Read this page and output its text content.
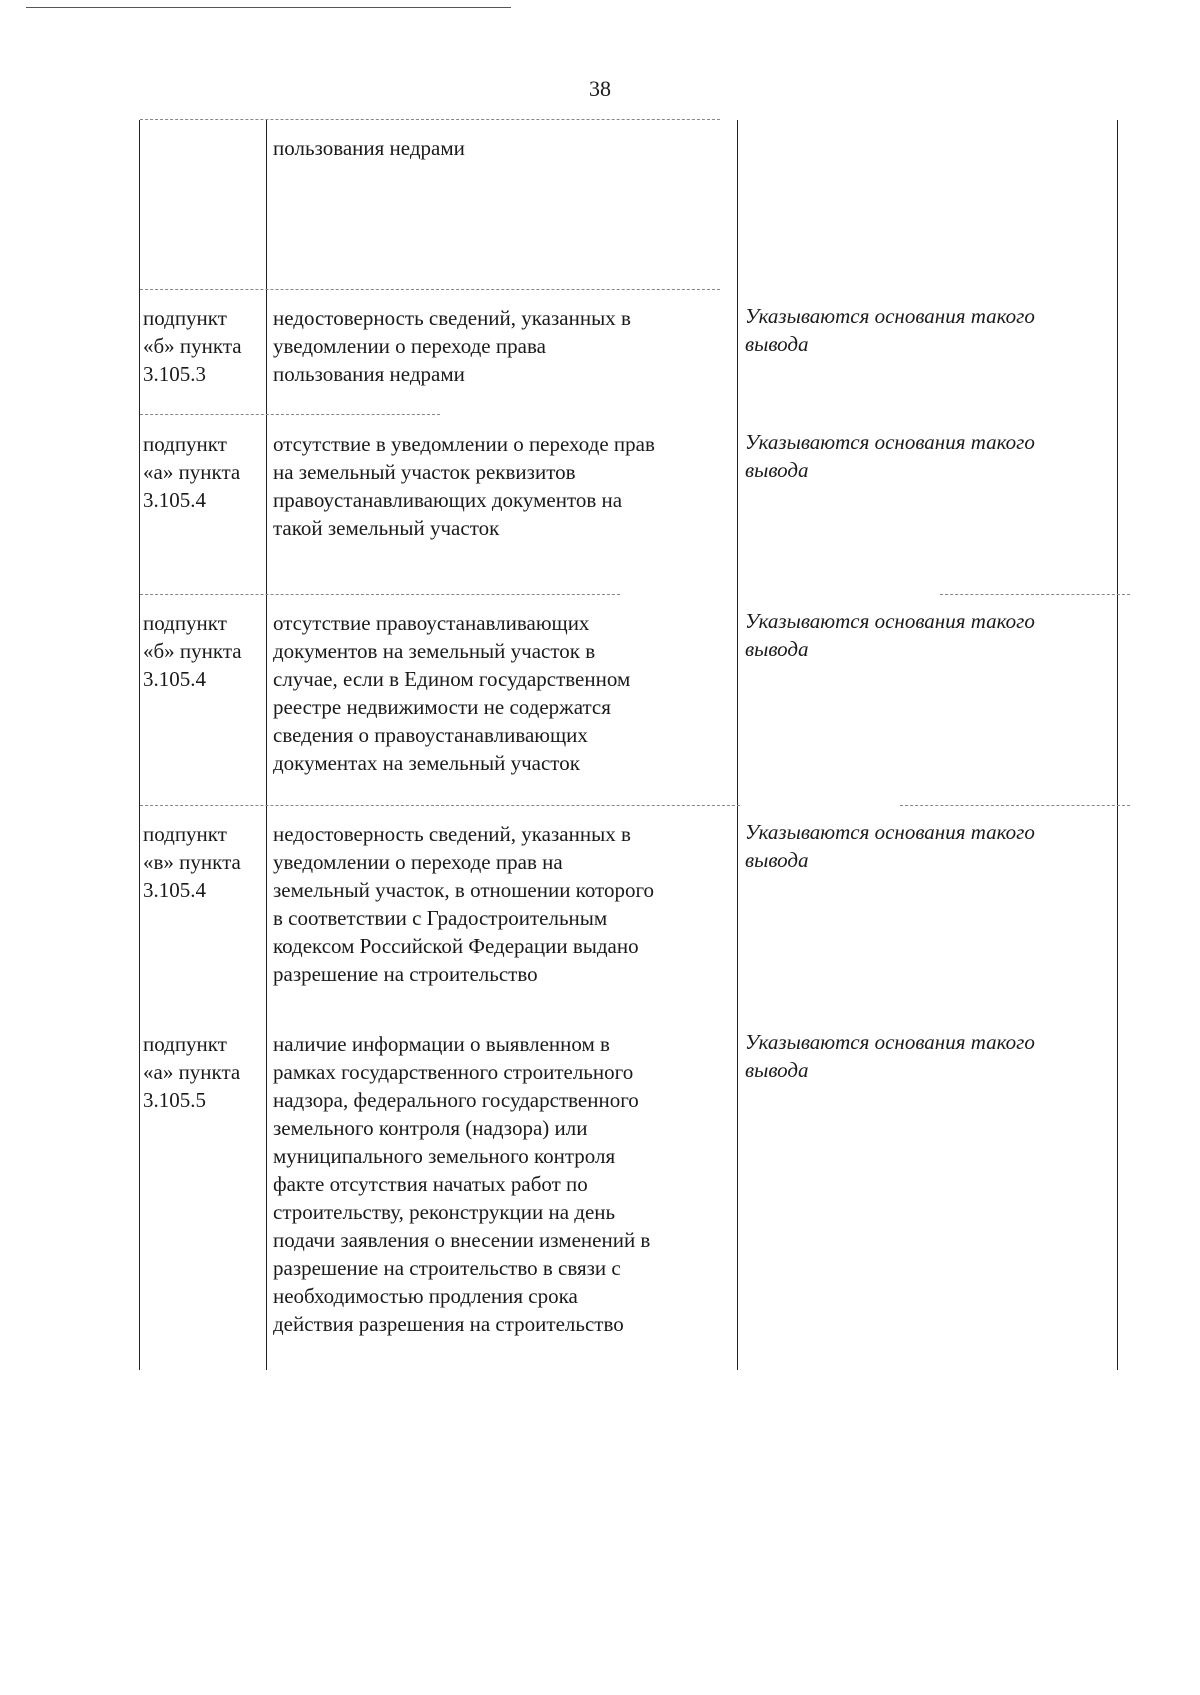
38
пользования недрами
подпункт
«б» пункта
3.105.3
недостоверность сведений, указанных в
уведомлении о переходе права
пользования недрами
Указываются основания такого
вывода
подпункт
«а» пункта
3.105.4
отсутствие в уведомлении о переходе прав
на земельный участок реквизитов
правоустанавливающих документов на
такой земельный участок
Указываются основания такого
вывода
подпункт
«б» пункта
3.105.4
отсутствие правоустанавливающих
документов на земельный участок в
случае, если в Едином государственном
реестре недвижимости не содержатся
сведения о правоустанавливающих
документах на земельный участок
Указываются основания такого
вывода
подпункт
«в» пункта
3.105.4
недостоверность сведений, указанных в
уведомлении о переходе прав на
земельный участок, в отношении которого
в соответствии с Градостроительным
кодексом Российской Федерации выдано
разрешение на строительство
Указываются основания такого
вывода
подпункт
«а» пункта
3.105.5
наличие информации о выявленном в
рамках государственного строительного
надзора, федерального государственного
земельного контроля (надзора) или
муниципального земельного контроля
факте отсутствия начатых работ по
строительству, реконструкции на день
подачи заявления о внесении изменений в
разрешение на строительство в связи с
необходимостью продления срока
действия разрешения на строительство
Указываются основания такого
вывода
